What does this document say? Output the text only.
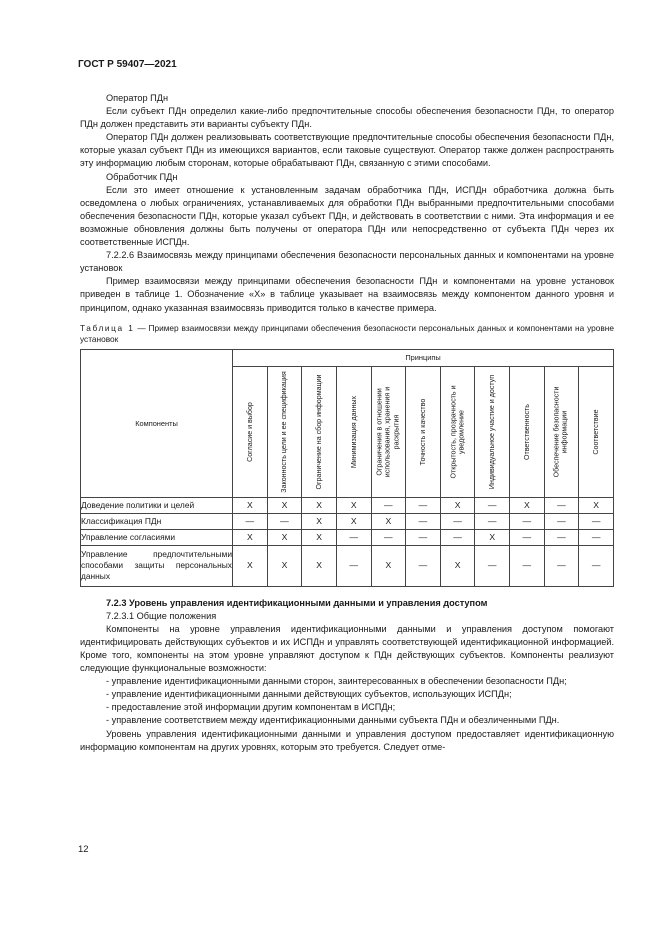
ГОСТ Р 59407—2021

Оператор ПДн

Если субъект ПДн определил какие-либо предпочтительные способы обеспечения безопасности ПДн, то оператор ПДн должен представить эти варианты субъекту ПДн.

Оператор ПДн должен реализовывать соответствующие предпочтительные способы обеспечения безопасности ПДн, которые указал субъект ПДн из имеющихся вариантов, если таковые существуют. Оператор также должен распространять эту информацию любым сторонам, которые обрабатывают ПДн, связанную с этими способами.

Обработчик ПДн

Если это имеет отношение к установленным задачам обработчика ПДн, ИСПДн обработчика должна быть осведомлена о любых ограничениях, устанавливаемых для обработки ПДн выбранными предпочтительными способами обеспечения безопасности ПДн, которые указал субъект ПДн, и действовать в соответствии с ними. Эта информация и ее возможные обновления должны быть получены от оператора ПДн или непосредственно от субъекта ПДн через их соответственные ИСПДн.

7.2.2.6 Взаимосвязь между принципами обеспечения безопасности персональных данных и компонентами на уровне установок

Пример взаимосвязи между принципами обеспечения безопасности ПДн и компонентами на уровне установок приведен в таблице 1. Обозначение «Х» в таблице указывает на взаимосвязь между компонентом данного уровня и принципом, однако указанная взаимосвязь приводится только в качестве примера.

Таблица 1 — Пример взаимосвязи между принципами обеспечения безопасности персональных данных и компонентами на уровне установок
Компоненты	Принципы										

	Согласие и выбор	Законность цели и ее спецификация	Ограничение на сбор информации	Минимизация данных	Ограничения в отношении использования, хранения и раскрытия	Точность и качество	Открытость, прозрачность и уведомление	Индивидуальное участие и доступ	Ответственность	Обеспечение безопасности информации	Соответствие

Доведение политики и целей	X	X	X	X	—	—	X	—	X	—	X
Классификация ПДн	—	—	X	X	X	—	—	—	—	—	—
Управление согласиями	X	X	X	—	—	—	—	X	—	—	—
Управление предпочтительными способами защиты персональных данных	X	X	X	—	X	—	X	—	—	—	—

7.2.3 Уровень управления идентификационными данными и управления доступом

7.2.3.1 Общие положения

Компоненты на уровне управления идентификационными данными и управления доступом помогают идентифицировать действующих субъектов и их ИСПДн и управлять соответствующей идентификационной информацией. Кроме того, компоненты на этом уровне управляют доступом к ПДн действующих субъектов. Компоненты реализуют следующие функциональные возможности:

- управление идентификационными данными сторон, заинтересованных в обеспечении безопасности ПДн;

- управление идентификационными данными действующих субъектов, использующих ИСПДн;

- предоставление этой информации другим компонентам в ИСПДн;

- управление соответствием между идентификационными данными субъекта ПДн и обезличенными ПДн.

Уровень управления идентификационными данными и управления доступом предоставляет идентификационную информацию компонентам на других уровнях, которым это требуется. Следует отме-

12
